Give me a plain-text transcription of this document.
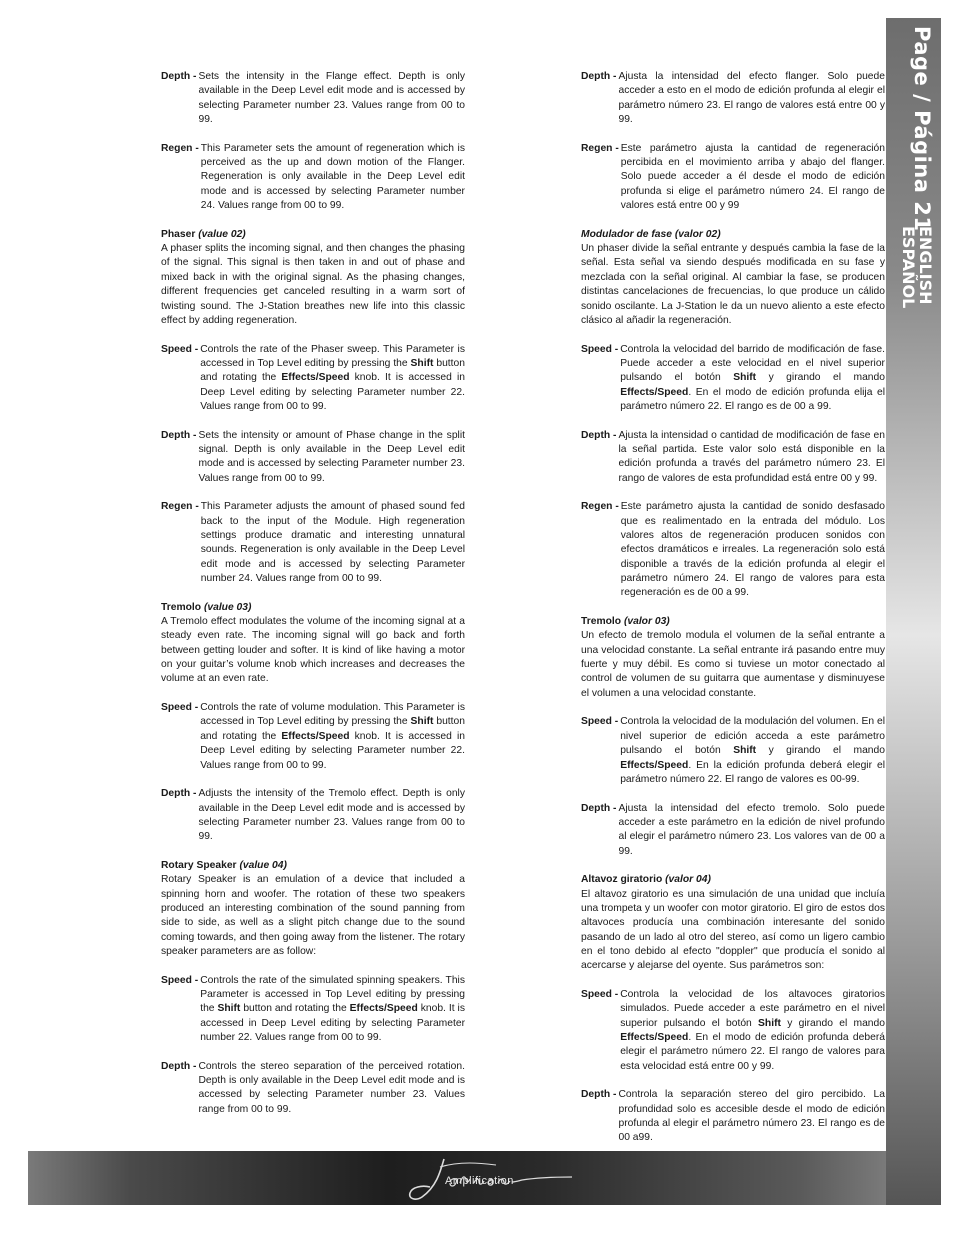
Page / Página 21
ENGLISH
ESPAÑOL
Depth - Sets the intensity in the Flange effect. Depth is only available in the Deep Level edit mode and is accessed by selecting Parameter number 23. Values range from 00 to 99.
Regen - This Parameter sets the amount of regeneration which is perceived as the up and down motion of the Flanger. Regeneration is only available in the Deep Level edit mode and is accessed by selecting Parameter number 24. Values range from 00 to 99.
Phaser (value 02)
A phaser splits the incoming signal, and then changes the phasing of the signal. This signal is then taken in and out of phase and mixed back in with the original signal. As the phasing changes, different frequencies get canceled resulting in a warm sort of twisting sound. The J-Station breathes new life into this classic effect by adding regeneration.
Speed - Controls the rate of the Phaser sweep. This Parameter is accessed in Top Level editing by pressing the Shift button and rotating the Effects/Speed knob. It is accessed in Deep Level editing by selecting Parameter number 22. Values range from 00 to 99.
Depth - Sets the intensity or amount of Phase change in the split signal. Depth is only available in the Deep Level edit mode and is accessed by selecting Parameter number 23. Values range from 00 to 99.
Regen - This Parameter adjusts the amount of phased sound fed back to the input of the Module. High regeneration settings produce dramatic and interesting unnatural sounds. Regeneration is only available in the Deep Level edit mode and is accessed by selecting Parameter number 24. Values range from 00 to 99.
Tremolo (value 03)
A Tremolo effect modulates the volume of the incoming signal at a steady even rate. The incoming signal will go back and forth between getting louder and softer. It is kind of like having a motor on your guitar’s volume knob which increases and decreases the volume at an even rate.
Speed - Controls the rate of volume modulation. This Parameter is accessed in Top Level editing by pressing the Shift button and rotating the Effects/Speed knob. It is accessed in Deep Level editing by selecting Parameter number 22. Values range from 00 to 99.
Depth - Adjusts the intensity of the Tremolo effect. Depth is only available in the Deep Level edit mode and is accessed by selecting Parameter number 23. Values range from 00 to 99.
Rotary Speaker (value 04)
Rotary Speaker is an emulation of a device that included a spinning horn and woofer. The rotation of these two speakers produced an interesting combination of the sound panning from side to side, as well as a slight pitch change due to the sound coming towards, and then going away from the listener. The rotary speaker parameters are as follow:
Speed - Controls the rate of the simulated spinning speakers. This Parameter is accessed in Top Level editing by pressing the Shift button and rotating the Effects/Speed knob. It is accessed in Deep Level editing by selecting Parameter number 22. Values range from 00 to 99.
Depth - Controls the stereo separation of the perceived rotation. Depth is only available in the Deep Level edit mode and is accessed by selecting Parameter number 23. Values range from 00 to 99.
Depth - Ajusta la intensidad del efecto flanger. Solo puede acceder a esto en el modo de edición profunda al elegir el parámetro número 23. El rango de valores está entre 00 y 99.
Regen - Este parámetro ajusta la cantidad de regeneración percibida en el movimiento arriba y abajo del flanger. Solo puede acceder a él desde el modo de edición profunda si elige el parámetro número 24. El rango de valores está entre 00 y 99
Modulador de fase (valor 02)
Un phaser divide la señal entrante y después cambia la fase de la señal. Esta señal va siendo después modificada en su fase y mezclada con la señal original. Al cambiar la fase, se producen distintas cancelaciones de frecuencias, lo que produce un cálido sonido oscilante. La J-Station le da un nuevo aliento a este efecto clásico al añadir la regeneración.
Speed - Controla la velocidad del barrido de modificación de fase. Puede acceder a este velocidad en el nivel superior pulsando el botón Shift y girando el mando Effects/Speed. En el modo de edición profunda elija el parámetro número 22. El rango es de 00 a 99.
Depth - Ajusta la intensidad o cantidad de modificación de fase en la señal partida. Este valor solo está disponible en la edición profunda a través del parámetro número 23. El rango de valores de esta profundidad está entre 00 y 99.
Regen - Este parámetro ajusta la cantidad de sonido desfasado que es realimentado en la entrada del módulo. Los valores altos de regeneración producen sonidos con efectos dramáticos e irreales. La regeneración solo está disponible a través de la edición profunda al elegir el parámetro número 24. El rango de valores para esta regeneración es de 00 a 99.
Tremolo (valor 03)
Un efecto de tremolo modula el volumen de la señal entrante a una velocidad constante. La señal entrante irá pasando entre muy fuerte y muy débil. Es como si tuviese un motor conectado al control de volumen de su guitarra que aumentase y disminuyese el volumen a una velocidad constante.
Speed - Controla la velocidad de la modulación del volumen. En el nivel superior de edición acceda a este parámetro pulsando el botón Shift y girando el mando Effects/Speed. En la edición profunda deberá elegir el parámetro número 22. El rango de valores es 00-99.
Depth - Ajusta la intensidad del efecto tremolo. Solo puede acceder a este parámetro en la edición de nivel profundo al elegir el parámetro número 23. Los valores van de 00 a 99.
Altavoz giratorio (valor 04)
El altavoz giratorio es una simulación de una unidad que incluía una trompeta y un woofer con motor giratorio. El giro de estos dos altavoces producía una combinación interesante del sonido pasando de un lado al otro del stereo, así como un ligero cambio en el tono debido al efecto "doppler" que producía el sonido al acercarse y alejarse del oyente. Sus parámetros son:
Speed - Controla la velocidad de los altavoces giratorios simulados. Puede acceder a este parámetro en el nivel superior pulsando el botón Shift y girando el mando Effects/Speed. En el modo de edición profunda deberá elegir el parámetro número 22. El rango de valores para esta velocidad está entre 00 y 99.
Depth - Controla la separación stereo del giro percibido. La profundidad solo es accesible desde el modo de edición profunda al elegir el parámetro número 23. El rango es de 00 a99.
Amplification
